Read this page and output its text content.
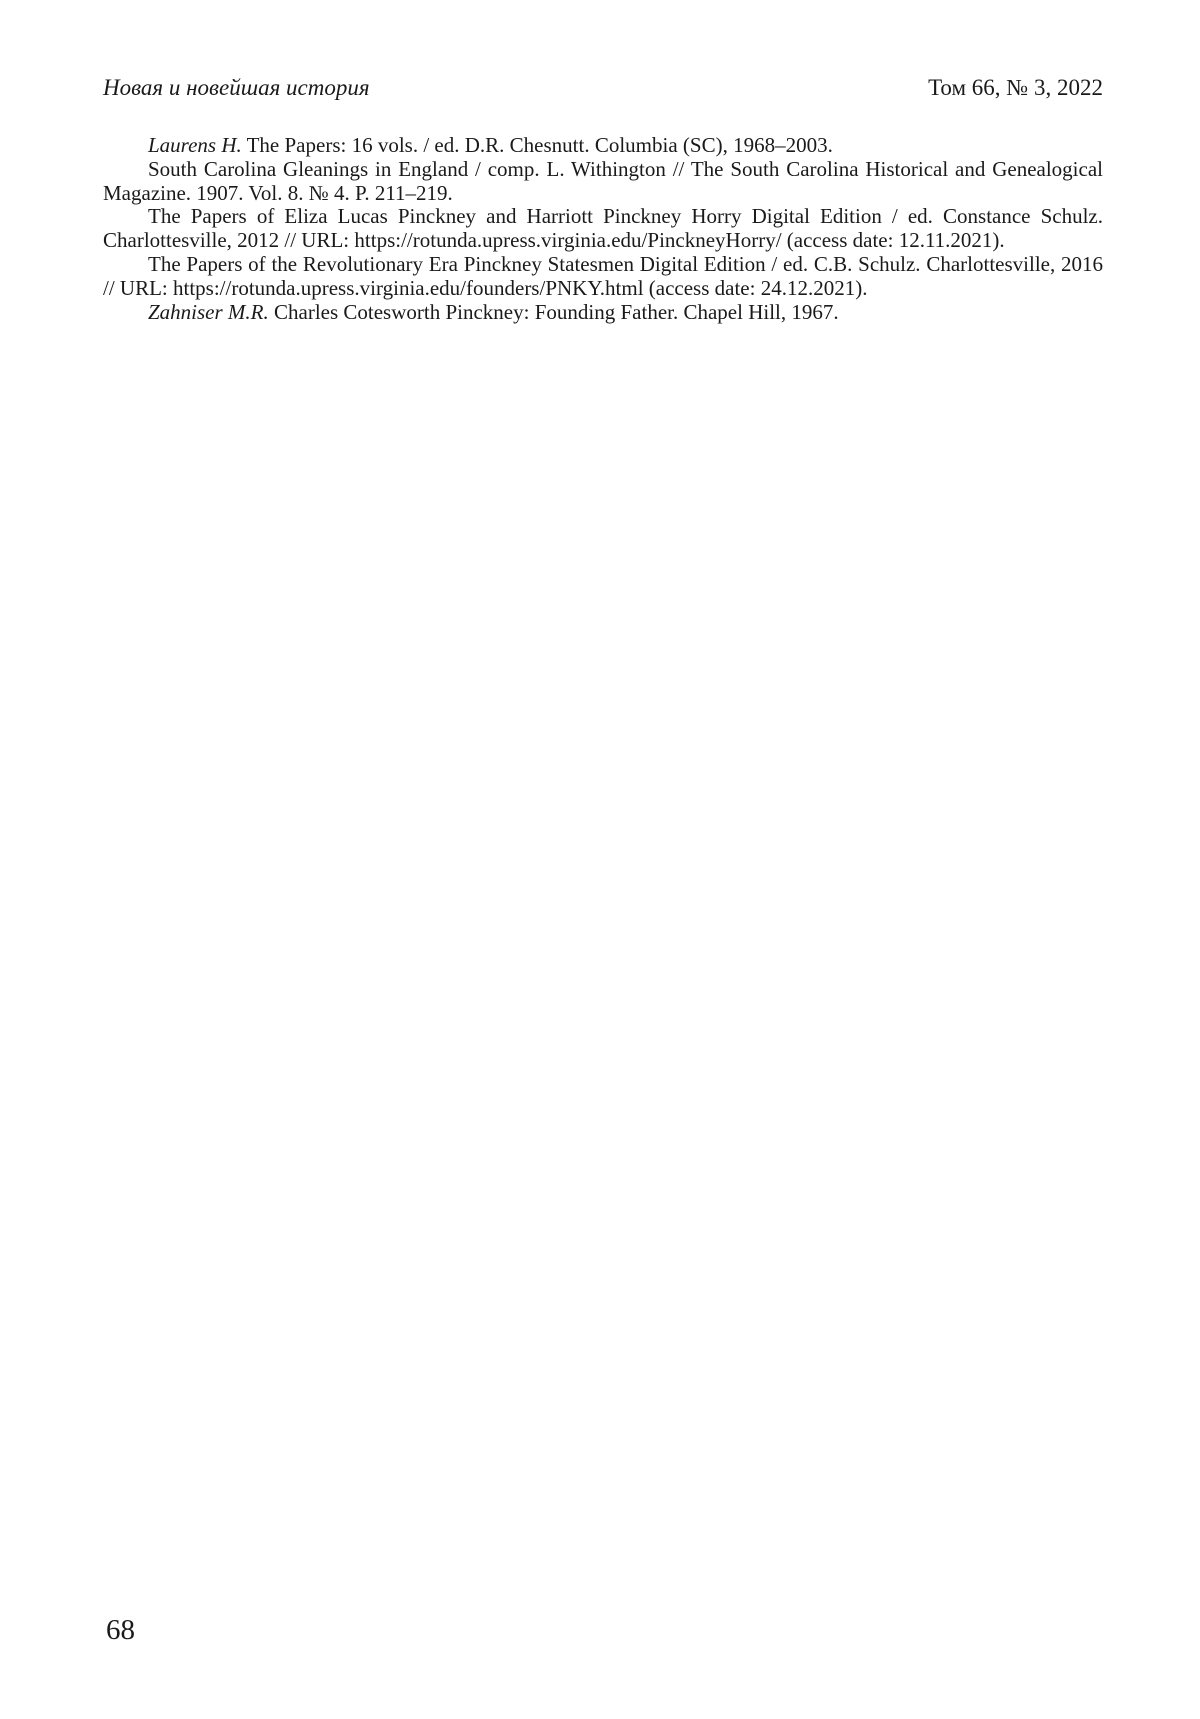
Новая и новейшая история	Том 66, № 3, 2022

Laurens H. The Papers: 16 vols. / ed. D.R. Chesnutt. Columbia (SC), 1968–2003.

South Carolina Gleanings in England / comp. L. Withington // The South Carolina Historical and Genealogical Magazine. 1907. Vol. 8. № 4. P. 211–219.

The Papers of Eliza Lucas Pinckney and Harriott Pinckney Horry Digital Edition / ed. Constance Schulz. Charlottesville, 2012 // URL: https://rotunda.upress.virginia.edu/PinckneyHorry/ (access date: 12.11.2021).

The Papers of the Revolutionary Era Pinckney Statesmen Digital Edition / ed. C.B. Schulz. Charlottesville, 2016 // URL: https://rotunda.upress.virginia.edu/founders/PNKY.html (access date: 24.12.2021).

Zahniser M.R. Charles Cotesworth Pinckney: Founding Father. Chapel Hill, 1967.

68
